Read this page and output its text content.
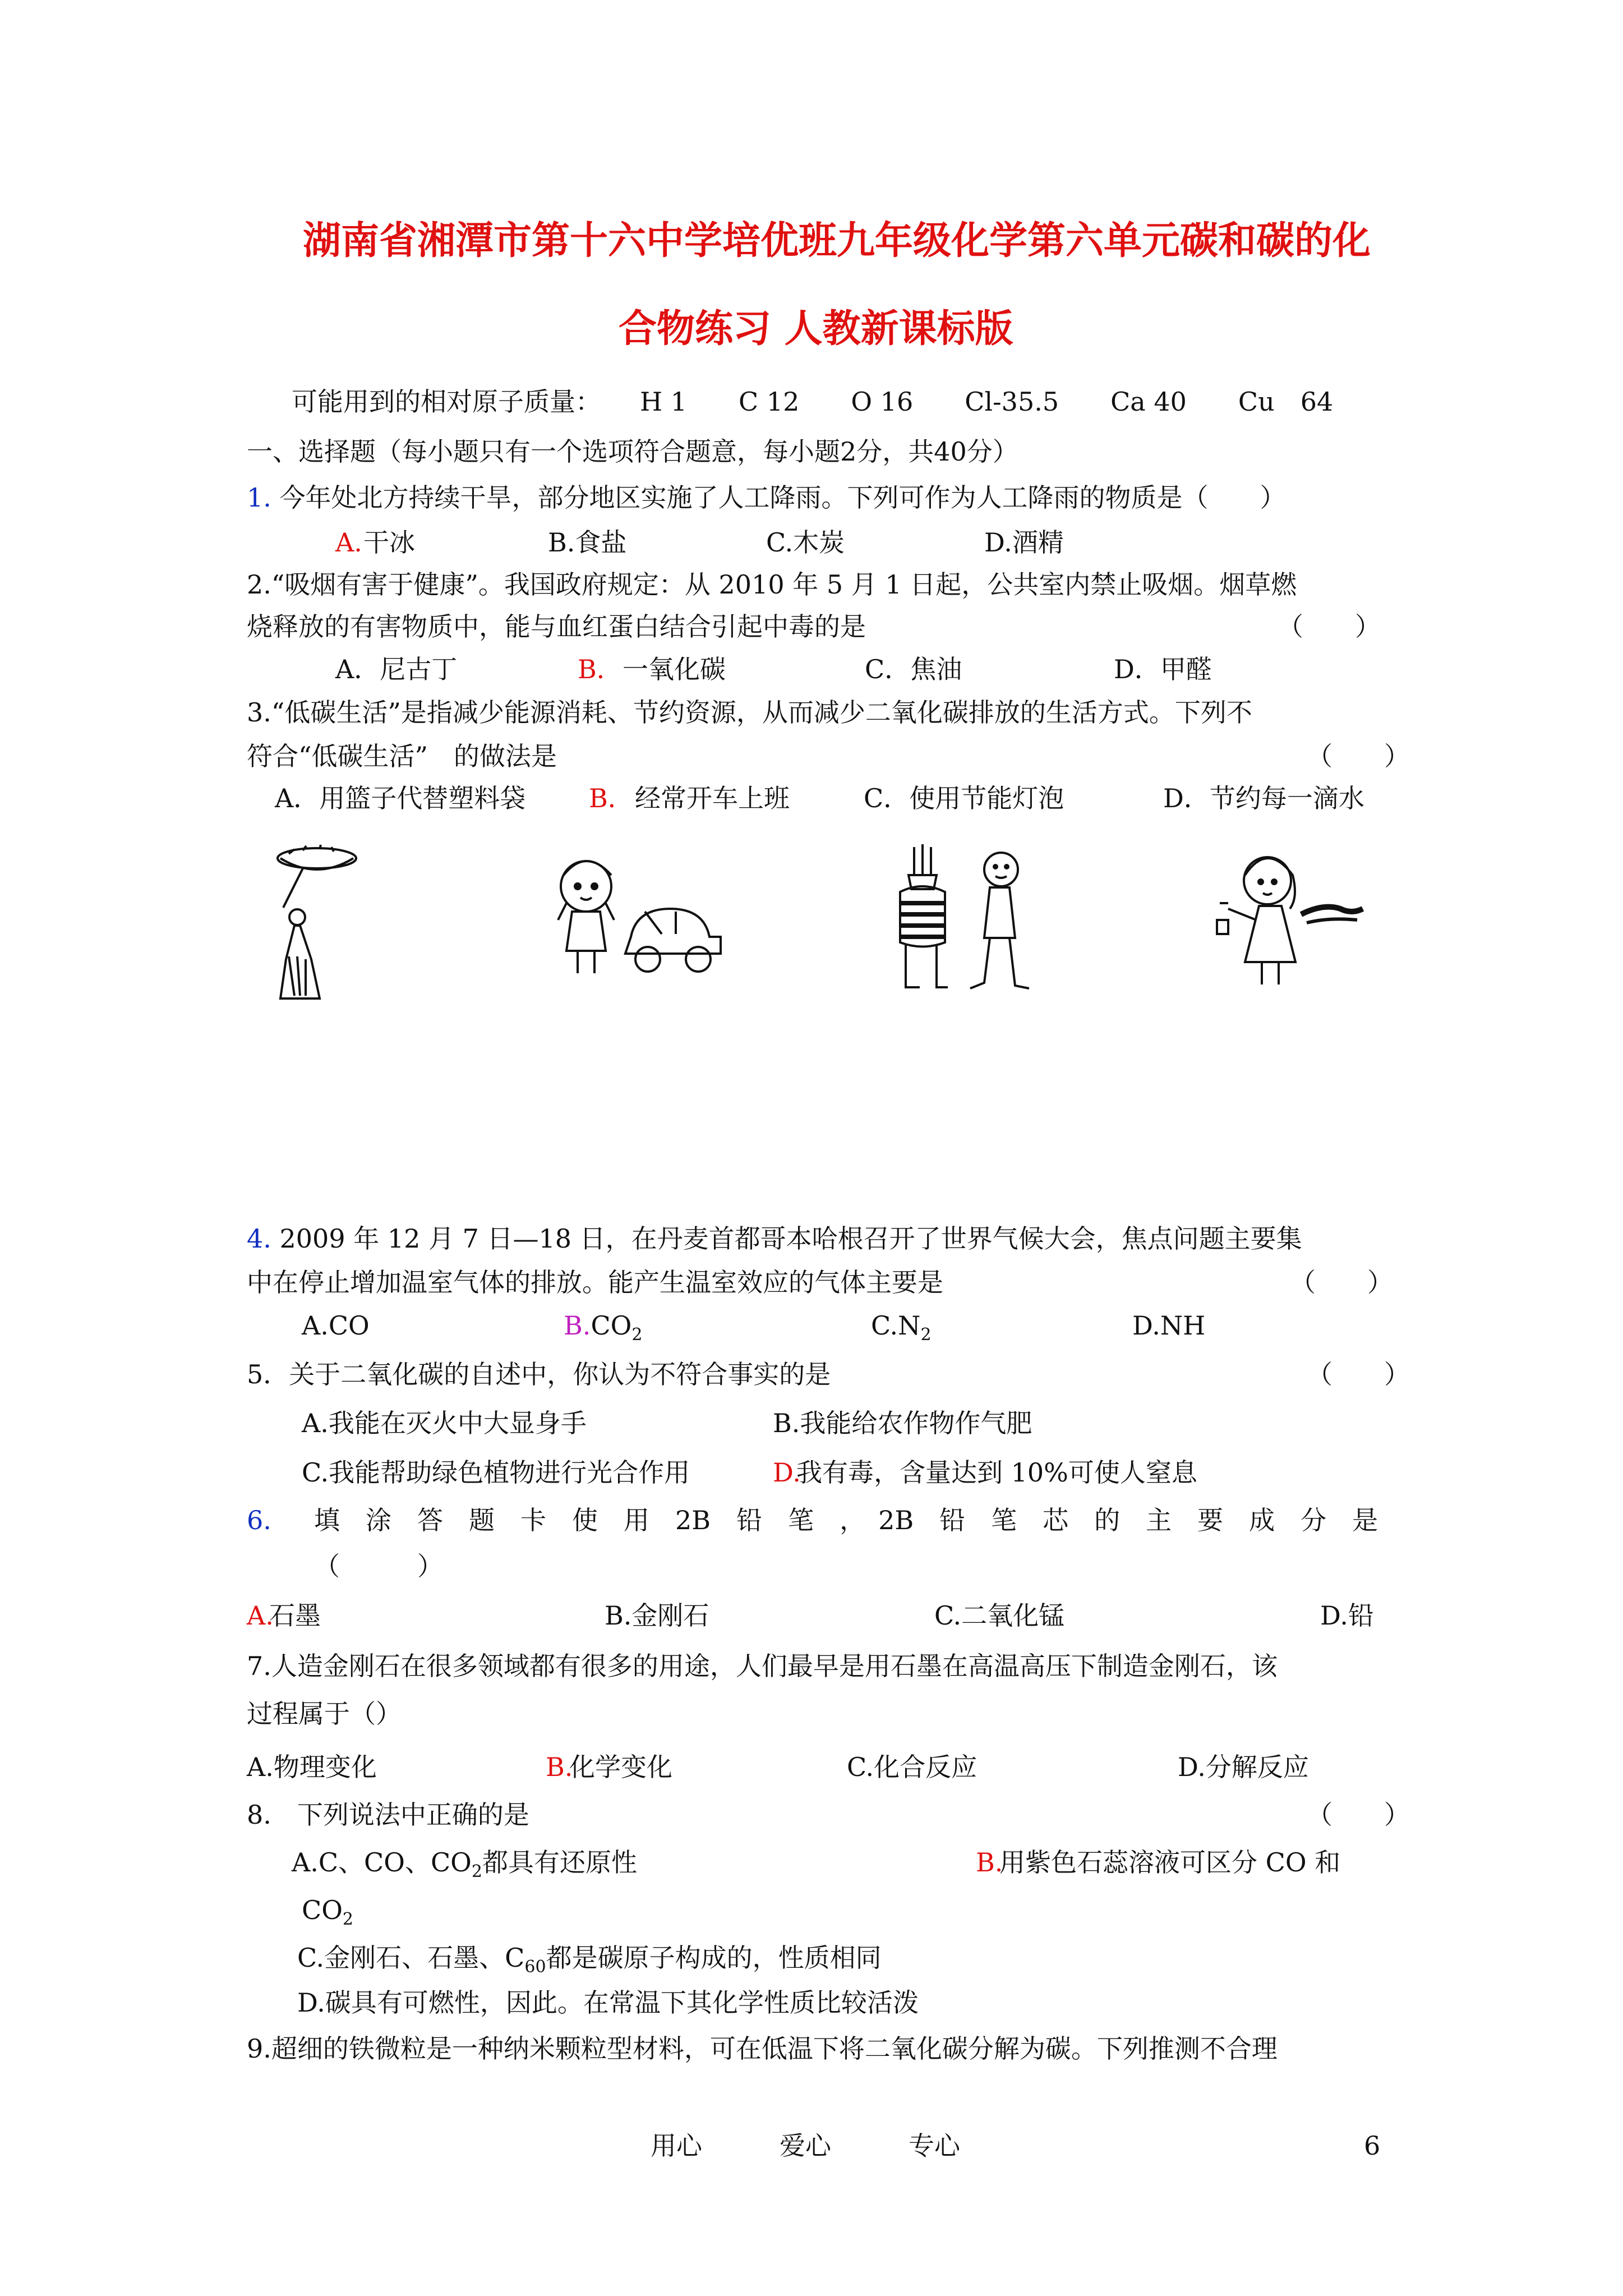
湖南省湘潭市第十六中学培优班九年级化学第六单元碳和碳的化
合物练习 人教新课标版
可能用到的相对原子质量：　　H 1　　C 12　　O 16　　Cl-35.5　　Ca 40　　Cu　64
一、选择题（每小题只有一个选项符合题意，每小题2分，共40分）
1. 今年处北方持续干旱，部分地区实施了人工降雨。下列可作为人工降雨的物质是（　　）
A. 干冰	B.食盐	C.木炭	D.酒精
2.“吸烟有害于健康”。我国政府规定：从 2010 年 5 月 1 日起，公共室内禁止吸烟。烟草燃
烧释放的有害物质中，能与血红蛋白结合引起中毒的是	（　　）
A．尼古丁	B． 一氧化碳	C．焦油	D．甲醛
3.“低碳生活”是指减少能源消耗、节约资源，从而减少二氧化碳排放的生活方式。下列不
符合“低碳生活”　的做法是	（　　）
A．用篮子代替塑料袋 B． 经常开车上班	C．使用节能灯泡	D．节约每一滴水
4. 2009 年 12 月 7 日—18 日，在丹麦首都哥本哈根召开了世界气候大会，焦点问题主要集
中在停止增加温室气体的排放。能产生温室效应的气体主要是	（　　）
A.CO	$B.CO_2$	$C.N_2$	D.NH
5．关于二氧化碳的自述中，你认为不符合事实的是	（　　）
A.我能在灭火中大显身手	B.我能给农作物作气肥
C.我能帮助绿色植物进行光合作用	D.
我有毒，含量达到 10%可使人窒息
6. 填　涂　答　题　卡　使　用　2B　铅　笔　，　2B　铅　笔　芯　的　主　要　成　分　是
（　　　）
A.
石墨	B.金刚石	C.二氧化锰	D.铅
7.人造金刚石在很多领域都有很多的用途，人们最早是用石墨在高温高压下制造金刚石，该
过程属于（）
A.物理变化	B.
化学变化	C.化合反应	D.分解反应
8.　下列说法中正确的是	（　　）
A.C、CO、$CO_2$都具有还原性	B.
用紫色石蕊溶液可区分 CO 和
$CO_2$
C.金刚石、石墨、$C_{60}$都是碳原子构成的，性质相同
D.碳具有可燃性，因此。在常温下其化学性质比较活泼
9.超细的铁微粒是一种纳米颗粒型材料，可在低温下将二氧化碳分解为碳。下列推测不合理
用心　　　爱心　　　专心	6
